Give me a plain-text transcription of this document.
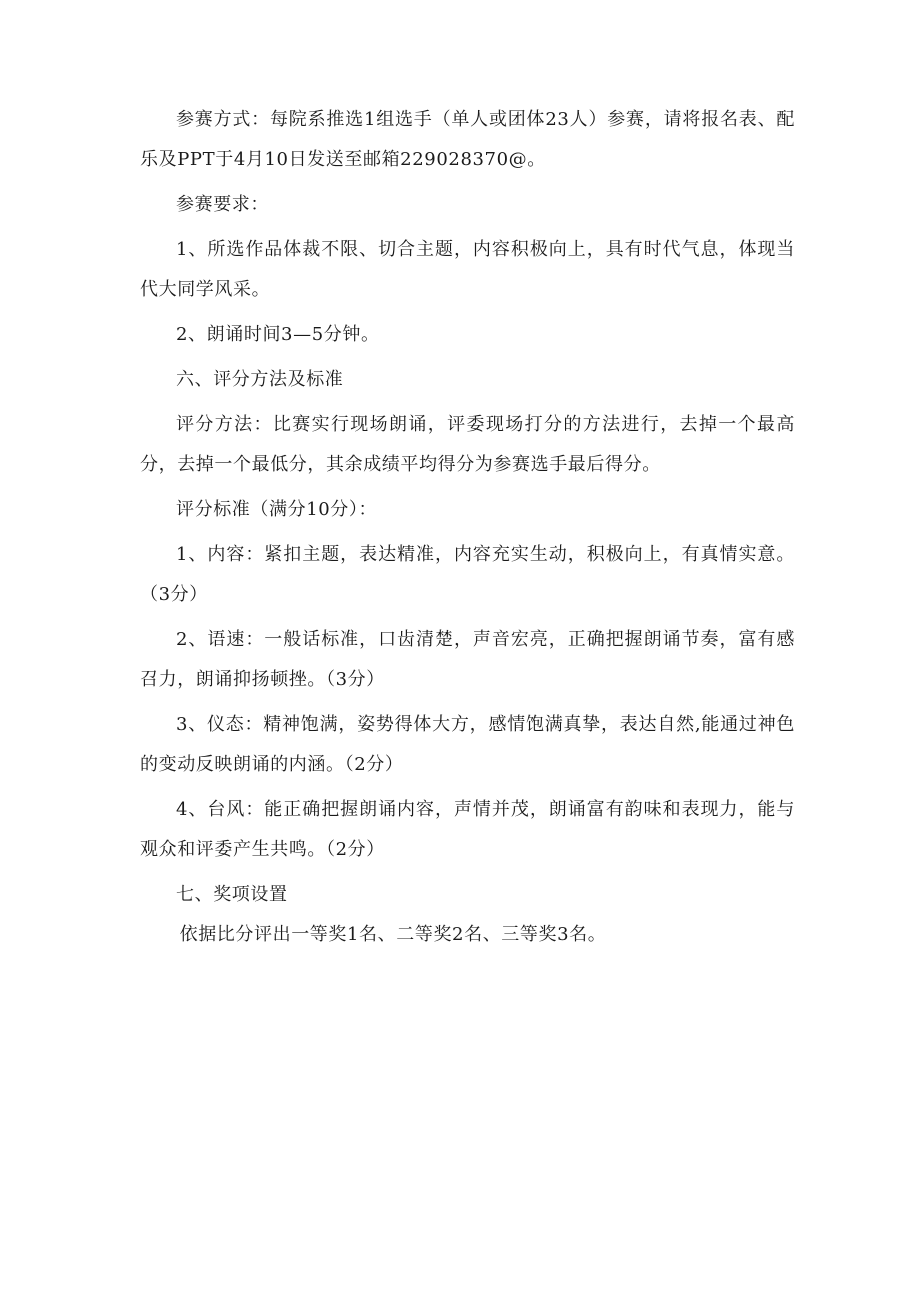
参赛方式：每院系推选1组选手（单人或团体23人）参赛，请将报名表、配乐及PPT于4月10日发送至邮箱229028370@。

参赛要求：

1、所选作品体裁不限、切合主题，内容积极向上，具有时代气息，体现当代大同学风采。

2、朗诵时间3—5分钟。

六、评分方法及标准

评分方法：比赛实行现场朗诵，评委现场打分的方法进行，去掉一个最高分，去掉一个最低分，其余成绩平均得分为参赛选手最后得分。

评分标准（满分10分）：

1、内容：紧扣主题，表达精准，内容充实生动，积极向上，有真情实意。（3分）

2、语速：一般话标准，口齿清楚，声音宏亮，正确把握朗诵节奏，富有感召力，朗诵抑扬顿挫。（3分）

3、仪态：精神饱满，姿势得体大方，感情饱满真挚，表达自然,能通过神色的变动反映朗诵的内涵。（2分）

4、台风：能正确把握朗诵内容，声情并茂，朗诵富有韵味和表现力，能与观众和评委产生共鸣。（2分）

七、奖项设置

依据比分评出一等奖1名、二等奖2名、三等奖3名。
